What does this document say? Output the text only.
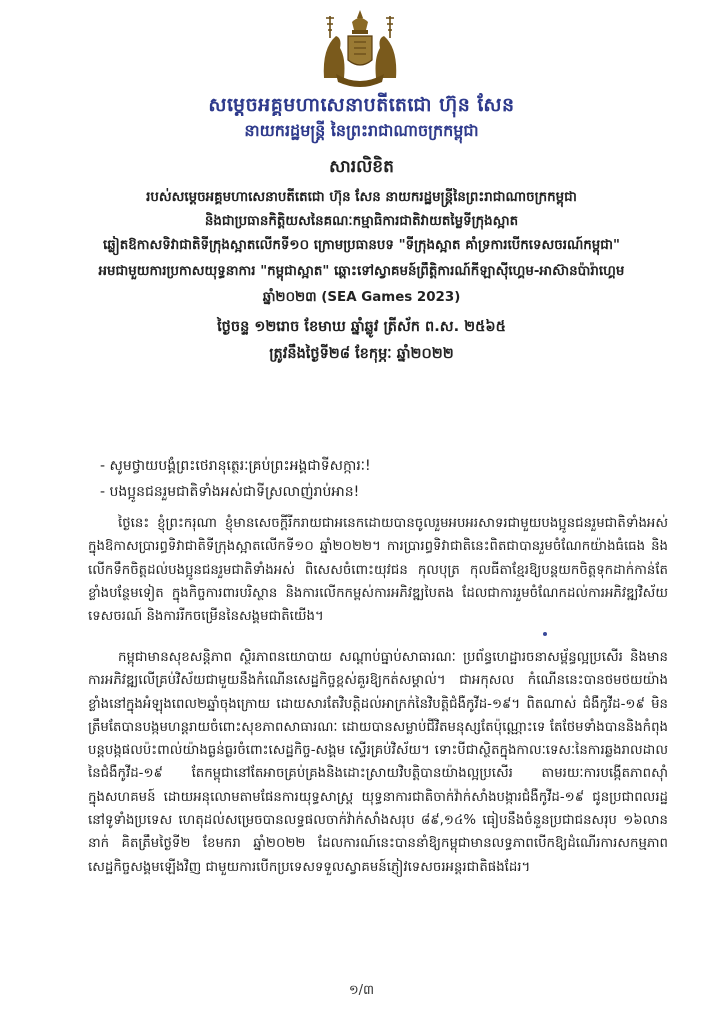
សម្ដេចអគ្គមហាសេនាបតីតេជោ ហ៊ុន សែន
នាយករដ្ឋមន្ត្រី នៃព្រះរាជាណាចក្រកម្ពុជា
សារលិខិត
របស់សម្ដេចអគ្គមហាសេនាបតីតេជោ ហ៊ុន សែន នាយករដ្ឋមន្ត្រីនៃព្រះរាជាណាចក្រកម្ពុជា
និងជាប្រធានកិត្តិយសនៃគណៈកម្មាធិការជាតិវាយតម្លៃទីក្រុងស្អាត
ឆ្លៀតឱកាសទិវាជាតិទីក្រុងស្អាតលើកទី១០ ក្រោមប្រធានបទ "ទីក្រុងស្អាត គាំទ្រការបើកទេសចរណ៍កម្ពុជា"
អមជាមួយការប្រកាសយុទ្ធនាការ "កម្ពុជាស្អាត" ឆ្ពោះទៅស្វាគមន៍ព្រឹត្តិការណ៍កីឡាស៊ីហ្គេម-អាស៊ានប៉ារ៉ាហ្គេម
ឆ្នាំ២០២៣ (SEA Games 2023)
ថ្ងៃចន្ទ ១២រោច ខែមាឃ ឆ្នាំឆ្លូវ ត្រីស័ក ព.ស. ២៥៦៥
ត្រូវនឹងថ្ងៃទី២៨ ខែកុម្ភៈ ឆ្នាំ២០២២
- សូមថ្វាយបង្គំព្រះថេរានុត្ថេរៈគ្រប់ព្រះអង្គជាទីសក្ការៈ!
- បងប្អូនជនរួមជាតិទាំងអស់ជាទីស្រលាញ់រាប់អាន!
ថ្ងៃនេះ ខ្ញុំព្រះករុណា ខ្ញុំមានសេចក្ដីរីករាយជាអនេកដោយបានចូលរួមអបអរសាទរជាមួយបងប្អូនជនរួមជាតិទាំងអស់ក្នុងឱកាសប្រារព្ធទិវាជាតិទីក្រុងស្អាតលើកទី១០ ឆ្នាំ២០២២។ ការប្រារព្ធទិវាជាតិនេះពិតជាបានរួមចំណែកយ៉ាងធំធេង និងលើកទឹកចិត្តដល់បងប្អូនជនរួមជាតិទាំងអស់ ពិសេសចំពោះយុវជន កុលបុត្រ កុលធីតាខ្មែរឱ្យបន្តយកចិត្តទុកដាក់កាន់តែខ្លាំងបន្ថែមទៀត ក្នុងកិច្ចការពារបរិស្ថាន និងការលើកកម្ពស់ការអភិវឌ្ឍបៃតង ដែលជាការរួមចំណែកដល់ការអភិវឌ្ឍវិស័យទេសចរណ៍ និងការរីកចម្រើននៃសង្គមជាតិយើង។
កម្ពុជាមានសុខសន្តិភាព ស្ថិរភាពនយោបាយ សណ្ដាប់ធ្នាប់សាធារណៈ ប្រព័ន្ធហេដ្ឋារចនាសម្ព័ន្ធល្អប្រសើរ និងមានការអភិវឌ្ឍលើគ្រប់វិស័យជាមួយនឹងកំណើនសេដ្ឋកិច្ចខ្ពស់គួរឱ្យកត់សម្គាល់។ ជាអកុសល កំណើននេះបានថមថយយ៉ាងខ្លាំងនៅក្នុងអំឡុងពេល២ឆ្នាំចុងក្រោយ ដោយសារតែវិបត្តិដល់អាក្រក់នៃវិបត្តិជំងឺកូវីដ-១៩។ ពិតណាស់ ជំងឺកូវីដ-១៩ មិនត្រឹមតែបានបង្កមហន្តរាយចំពោះសុខភាពសាធារណៈ ដោយបានសម្លាប់ជីវិតមនុស្សតែប៉ុណ្ណោះទេ តែថែមទាំងបាននិងកំពុងបន្តបង្កផលប៉ះពាល់យ៉ាងធ្ងន់ធ្ងរចំពោះសេដ្ឋកិច្ច-សង្គម ស្ទើរគ្រប់វិស័យ។ ទោះបីជាស្ថិតក្នុងកាលៈទេសៈនៃការឆ្លងរាលដាលនៃជំងឺកូវីដ-១៩ តែកម្ពុជានៅតែអាចគ្រប់គ្រងនិងដោះស្រាយវិបត្តិបានយ៉ាងល្អប្រសើរ តាមរយៈការបង្កើតភាពស៊ាំក្នុងសហគមន៍ ដោយអនុលោមតាមផែនការយុទ្ធសាស្ត្រ យុទ្ធនាការជាតិចាក់វ៉ាក់សាំងបង្ការជំងឺកូវីដ-១៩ ជូនប្រជាពលរដ្ឋនៅទូទាំងប្រទេស ហេតុដល់សម្រេចបានលទ្ធផលចាក់វ៉ាក់សាំងសរុប ៨៩,១៤% ធៀបនឹងចំនួនប្រជាជនសរុប ១៦លាននាក់ គិតត្រឹមថ្ងៃទី២ ខែមករា ឆ្នាំ២០២២ ដែលការណ៍នេះបាននាំឱ្យកម្ពុជាមានលទ្ធភាពបើកឱ្យដំណើរការសកម្មភាពសេដ្ឋកិច្ចសង្គមឡើងវិញ ជាមួយការបើកប្រទេសទទួលស្វាគមន៍ភ្ញៀវទេសចរអន្តរជាតិផងដែរ។
១/៣
